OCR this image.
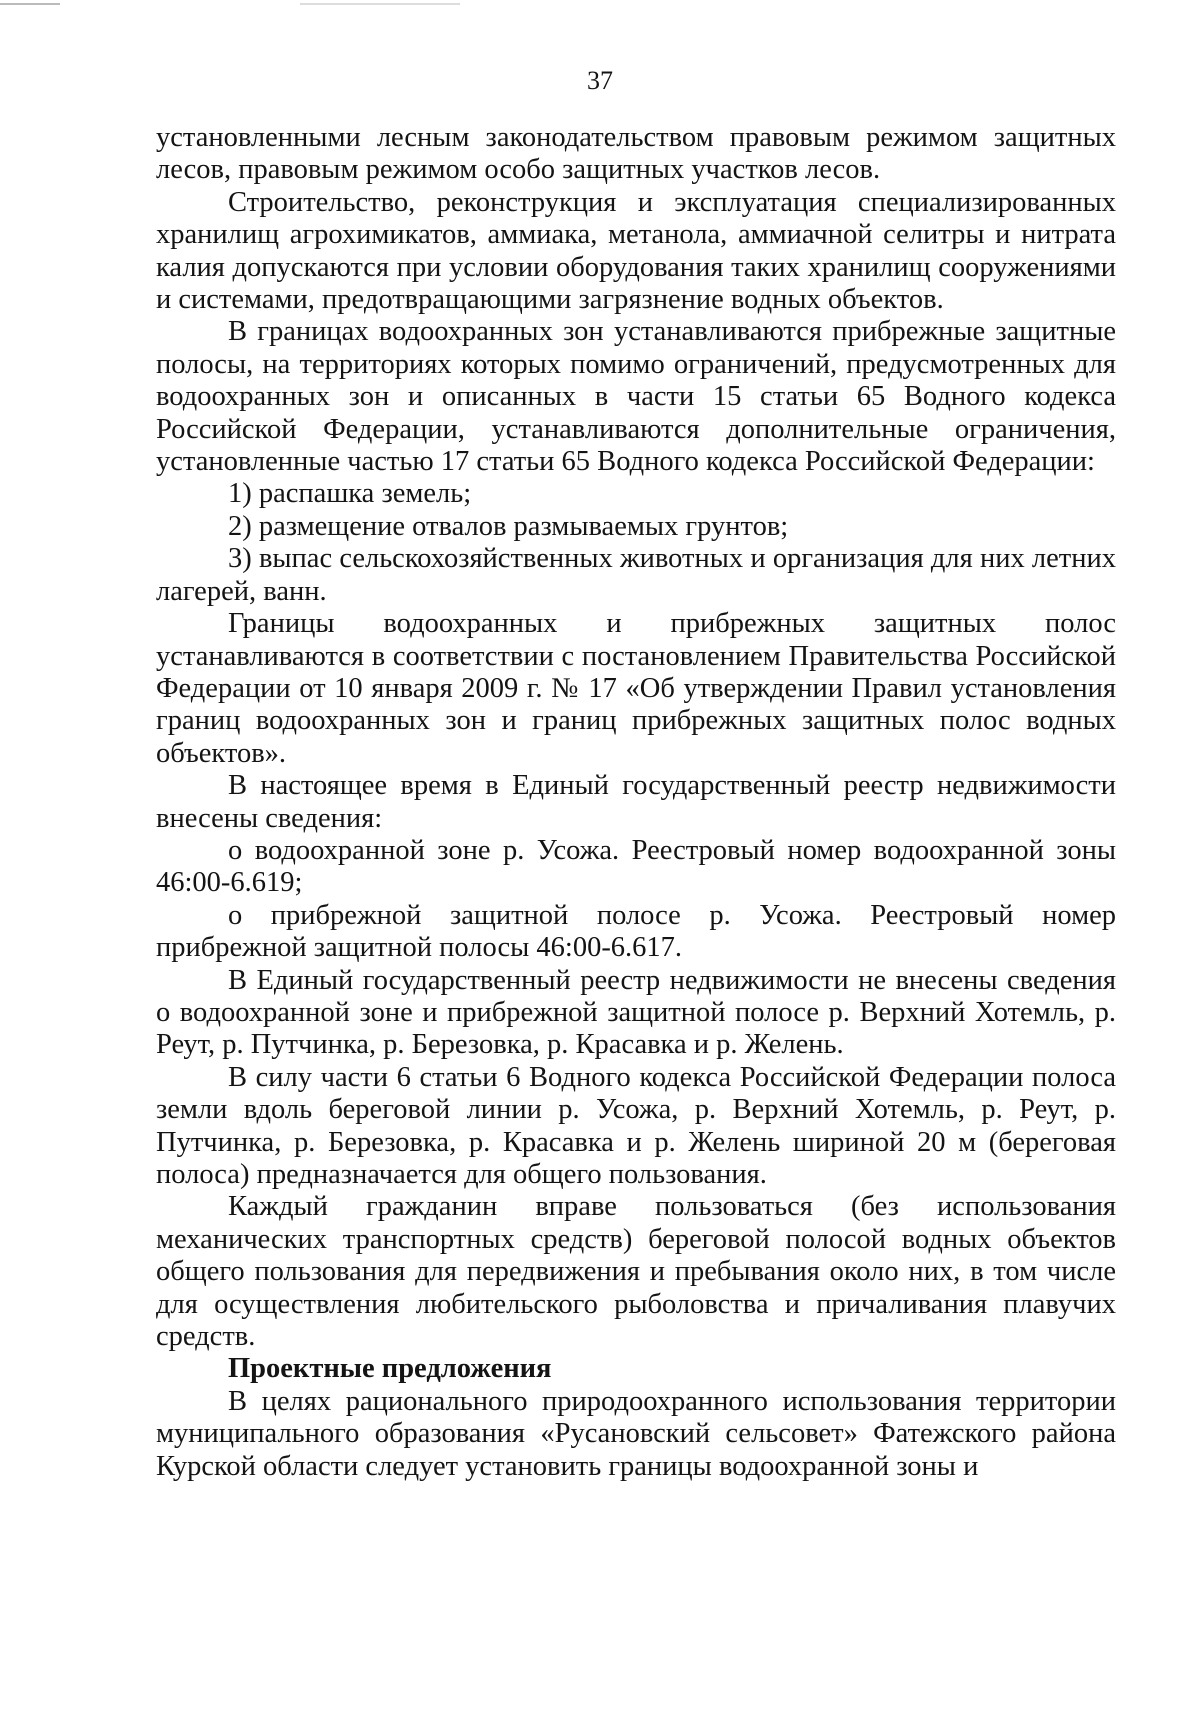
37

установленными лесным законодательством правовым режимом защитных лесов, правовым режимом особо защитных участков лесов.

Строительство, реконструкция и эксплуатация специализированных хранилищ агрохимикатов, аммиака, метанола, аммиачной селитры и нитрата калия допускаются при условии оборудования таких хранилищ сооружениями и системами, предотвращающими загрязнение водных объектов.

В границах водоохранных зон устанавливаются прибрежные защитные полосы, на территориях которых помимо ограничений, предусмотренных для водоохранных зон и описанных в части 15 статьи 65 Водного кодекса Российской Федерации, устанавливаются дополнительные ограничения, установленные частью 17 статьи 65 Водного кодекса Российской Федерации:

1) распашка земель;

2) размещение отвалов размываемых грунтов;

3) выпас сельскохозяйственных животных и организация для них летних лагерей, ванн.

Границы водоохранных и прибрежных защитных полос устанавливаются в соответствии с постановлением Правительства Российской Федерации от 10 января 2009 г. № 17 «Об утверждении Правил установления границ водоохранных зон и границ прибрежных защитных полос водных объектов».

В настоящее время в Единый государственный реестр недвижимости внесены сведения:

о водоохранной зоне р. Усожа. Реестровый номер водоохранной зоны 46:00-6.619;

о прибрежной защитной полосе р. Усожа. Реестровый номер прибрежной защитной полосы 46:00-6.617.

В Единый государственный реестр недвижимости не внесены сведения о водоохранной зоне и прибрежной защитной полосе р. Верхний Хотемль, р. Реут, р. Путчинка, р. Березовка, р. Красавка и р. Желень.

В силу части 6 статьи 6 Водного кодекса Российской Федерации полоса земли вдоль береговой линии р. Усожа, р. Верхний Хотемль, р. Реут, р. Путчинка, р. Березовка, р. Красавка и р. Желень шириной 20 м (береговая полоса) предназначается для общего пользования.

Каждый гражданин вправе пользоваться (без использования механических транспортных средств) береговой полосой водных объектов общего пользования для передвижения и пребывания около них, в том числе для осуществления любительского рыболовства и причаливания плавучих средств.

Проектные предложения

В целях рационального природоохранного использования территории муниципального образования «Русановский сельсовет» Фатежского района Курской области следует установить границы водоохранной зоны и
